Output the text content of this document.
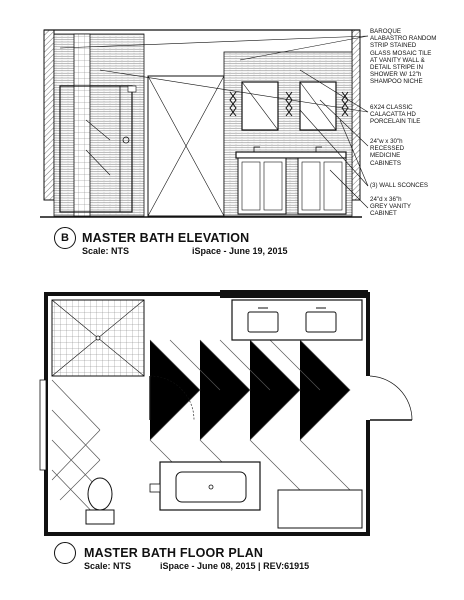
BAROQUE
ALABASTRO RANDOM
STRIP STAINED
GLASS MOSAIC TILE
AT VANITY WALL &
DETAIL STRIPE IN
SHOWER W/ 12"h
SHAMPOO NICHE
6X24 CLASSIC
CALACATTA HD
PORCELAIN TILE
24"w x 30"h
RECESSED
MEDICINE
CABINETS
(3) WALL SCONCES
24"d x 36"h
GREY VANITY
CABINET
B	MASTER BATH ELEVATION
Scale: NTS	iSpace - June 19, 2015
MASTER BATH FLOOR PLAN
Scale: NTS	iSpace - June 08, 2015 | REV:61915
